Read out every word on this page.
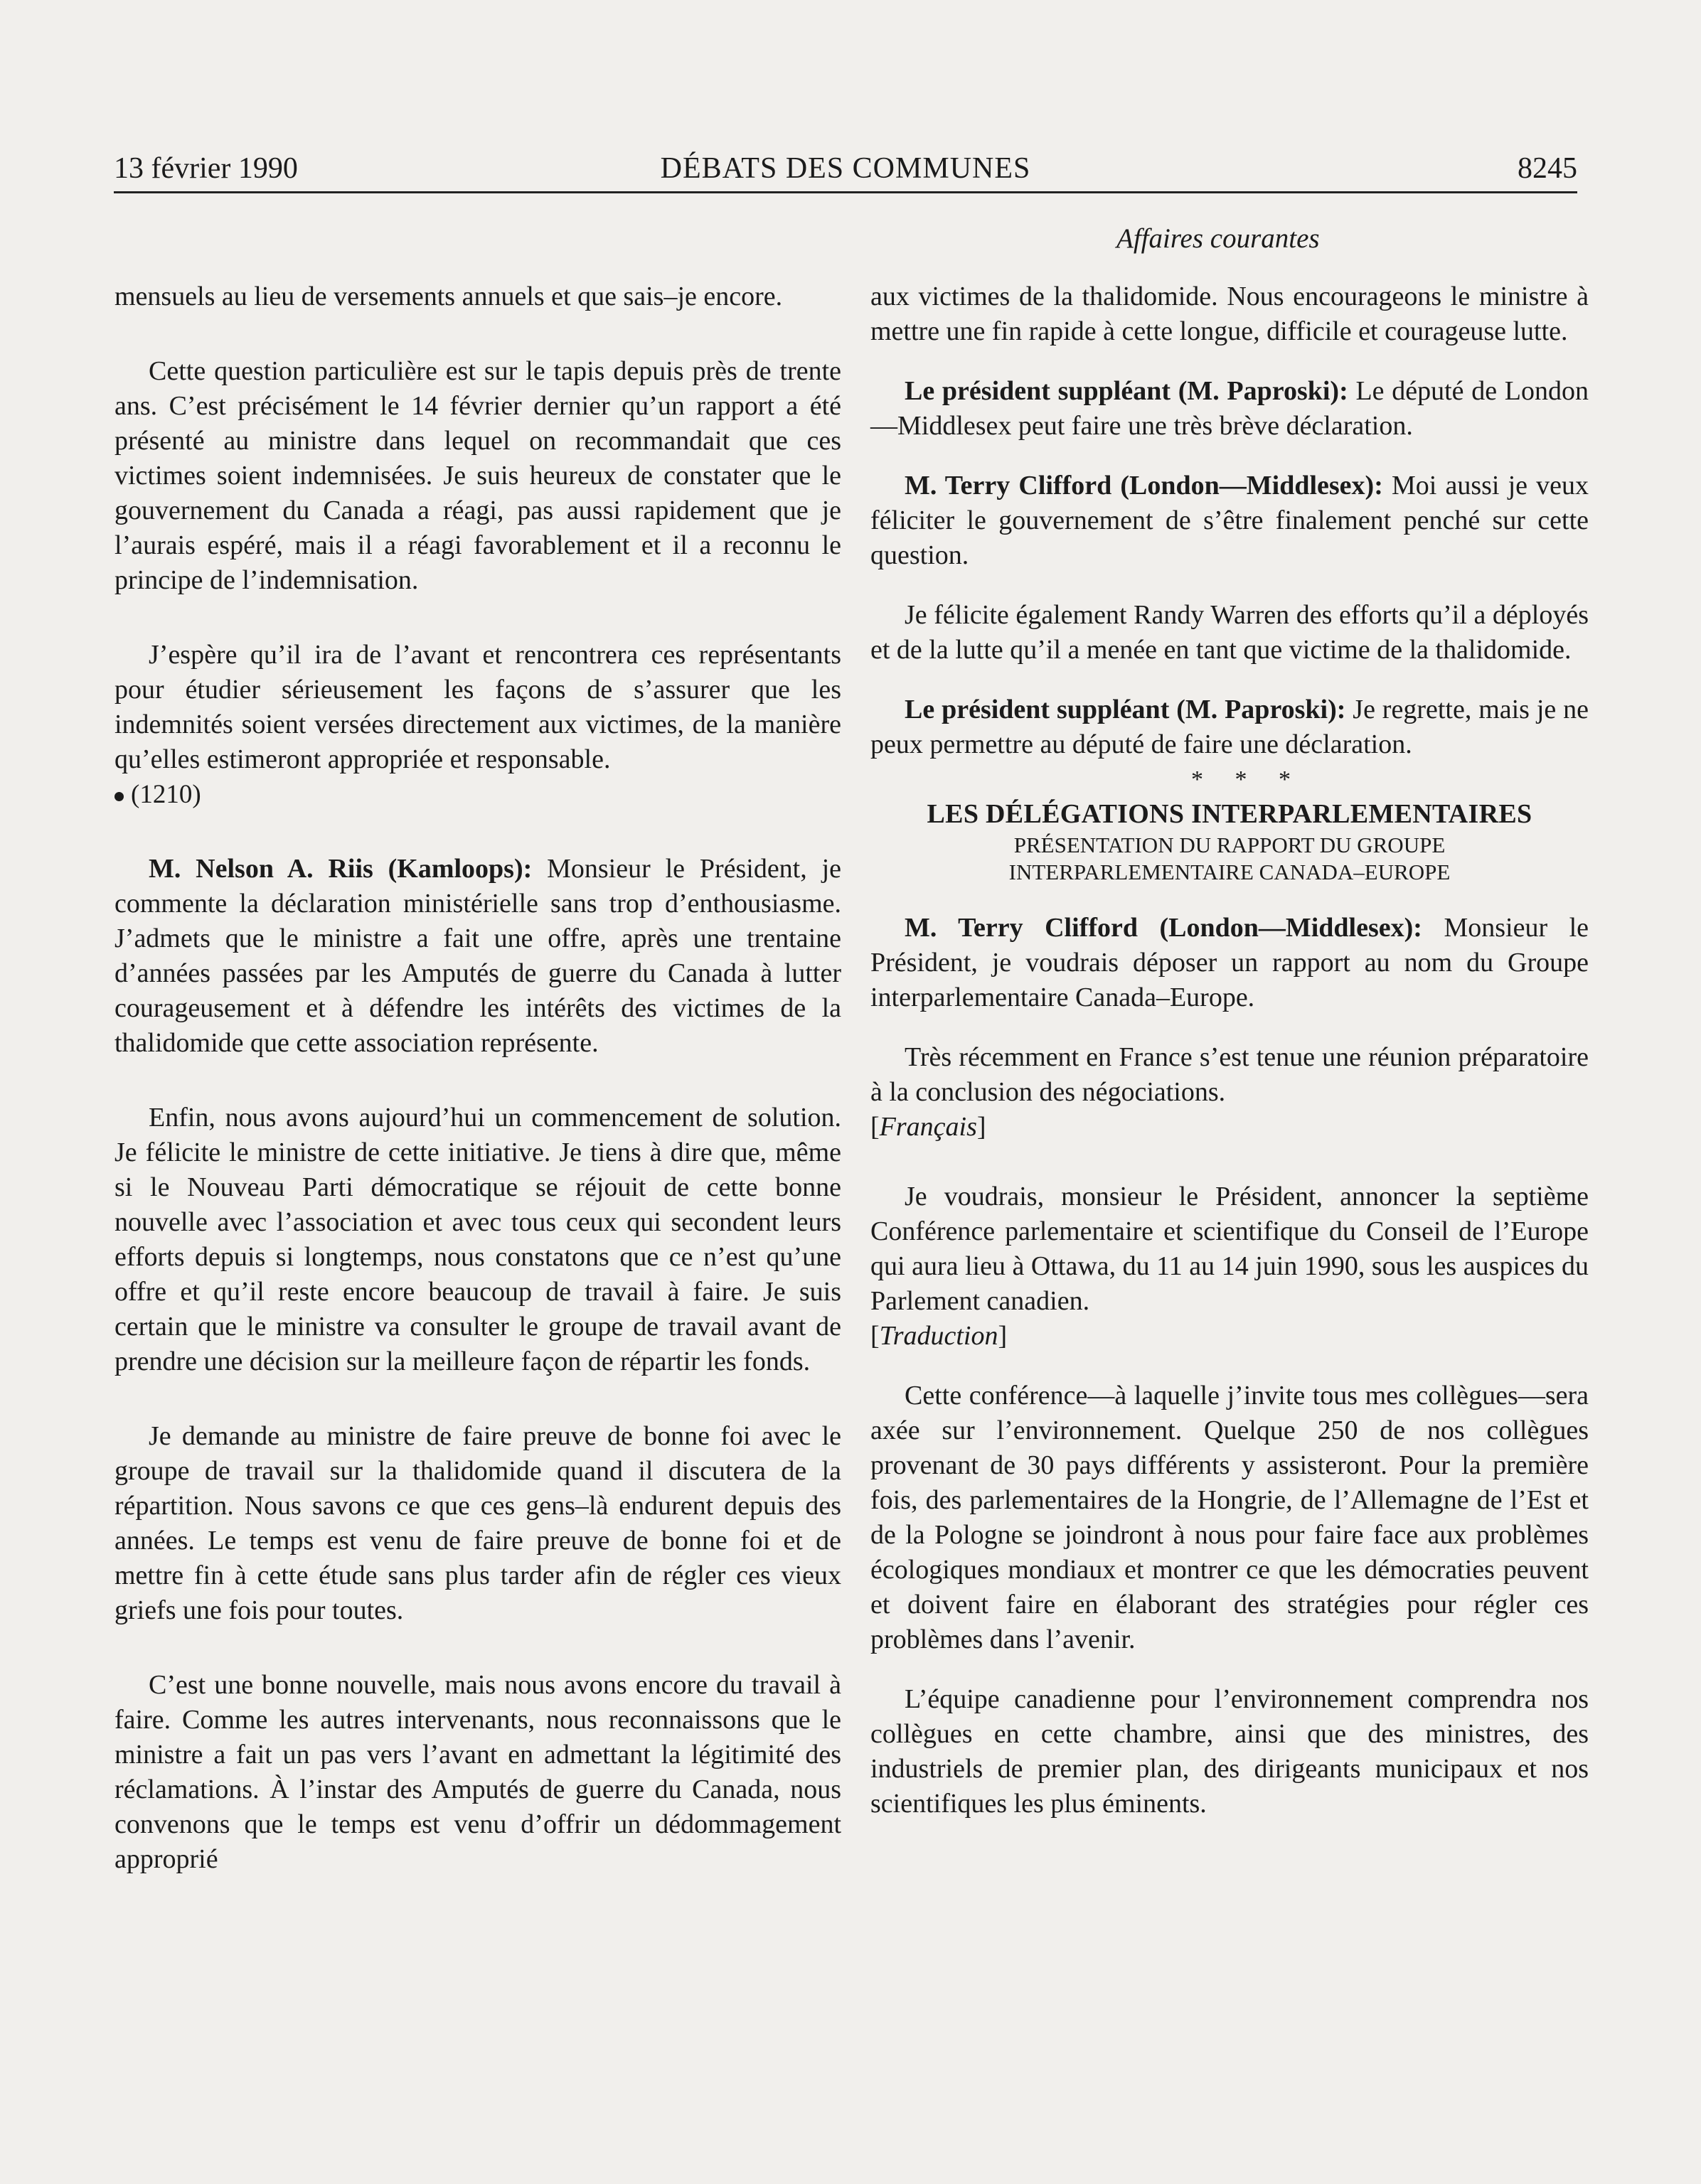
13 février 1990	DÉBATS DES COMMUNES	8245
Affaires courantes

mensuels au lieu de versements annuels et que sais–je encore.

Cette question particulière est sur le tapis depuis près de trente ans. C’est précisément le 14 février dernier qu’un rapport a été présenté au ministre dans lequel on recommandait que ces victimes soient indemnisées. Je suis heureux de constater que le gouvernement du Canada a réagi, pas aussi rapidement que je l’aurais espéré, mais il a réagi favorablement et il a reconnu le principe de l’indemnisation.

J’espère qu’il ira de l’avant et rencontrera ces représentants pour étudier sérieusement les façons de s’assurer que les indemnités soient versées directement aux victimes, de la manière qu’elles estimeront appropriée et responsable.

(1210)

M. Nelson A. Riis (Kamloops): Monsieur le Président, je commente la déclaration ministérielle sans trop d’enthousiasme. J’admets que le ministre a fait une offre, après une trentaine d’années passées par les Amputés de guerre du Canada à lutter courageusement et à défendre les intérêts des victimes de la thalidomide que cette association représente.

Enfin, nous avons aujourd’hui un commencement de solution. Je félicite le ministre de cette initiative. Je tiens à dire que, même si le Nouveau Parti démocratique se réjouit de cette bonne nouvelle avec l’association et avec tous ceux qui secondent leurs efforts depuis si longtemps, nous constatons que ce n’est qu’une offre et qu’il reste encore beaucoup de travail à faire. Je suis certain que le ministre va consulter le groupe de travail avant de prendre une décision sur la meilleure façon de répartir les fonds.

Je demande au ministre de faire preuve de bonne foi avec le groupe de travail sur la thalidomide quand il discutera de la répartition. Nous savons ce que ces gens–là endurent depuis des années. Le temps est venu de faire preuve de bonne foi et de mettre fin à cette étude sans plus tarder afin de régler ces vieux griefs une fois pour toutes.

C’est une bonne nouvelle, mais nous avons encore du travail à faire. Comme les autres intervenants, nous reconnaissons que le ministre a fait un pas vers l’avant en admettant la légitimité des réclamations. À l’instar des Amputés de guerre du Canada, nous convenons que le temps est venu d’offrir un dédommagement approprié

aux victimes de la thalidomide. Nous encourageons le ministre à mettre une fin rapide à cette longue, difficile et courageuse lutte.

Le président suppléant (M. Paproski): Le député de London—Middlesex peut faire une très brève déclaration.

M. Terry Clifford (London—Middlesex): Moi aussi je veux féliciter le gouvernement de s’être finalement penché sur cette question.

Je félicite également Randy Warren des efforts qu’il a déployés et de la lutte qu’il a menée en tant que victime de la thalidomide.

Le président suppléant (M. Paproski): Je regrette, mais je ne peux permettre au député de faire une déclaration.

* * *

LES DÉLÉGATIONS INTERPARLEMENTAIRES

PRÉSENTATION DU RAPPORT DU GROUPE

INTERPARLEMENTAIRE CANADA–EUROPE

M. Terry Clifford (London—Middlesex): Monsieur le Président, je voudrais déposer un rapport au nom du Groupe interparlementaire Canada–Europe.

Très récemment en France s’est tenue une réunion préparatoire à la conclusion des négociations.

[Français]

Je voudrais, monsieur le Président, annoncer la septième Conférence parlementaire et scientifique du Conseil de l’Europe qui aura lieu à Ottawa, du 11 au 14 juin 1990, sous les auspices du Parlement canadien.

[Traduction]

Cette conférence—à laquelle j’invite tous mes collègues—sera axée sur l’environnement. Quelque 250 de nos collègues provenant de 30 pays différents y assisteront. Pour la première fois, des parlementaires de la Hongrie, de l’Allemagne de l’Est et de la Pologne se joindront à nous pour faire face aux problèmes écologiques mondiaux et montrer ce que les démocraties peuvent et doivent faire en élaborant des stratégies pour régler ces problèmes dans l’avenir.

L’équipe canadienne pour l’environnement comprendra nos collègues en cette chambre, ainsi que des ministres, des industriels de premier plan, des dirigeants municipaux et nos scientifiques les plus éminents.
